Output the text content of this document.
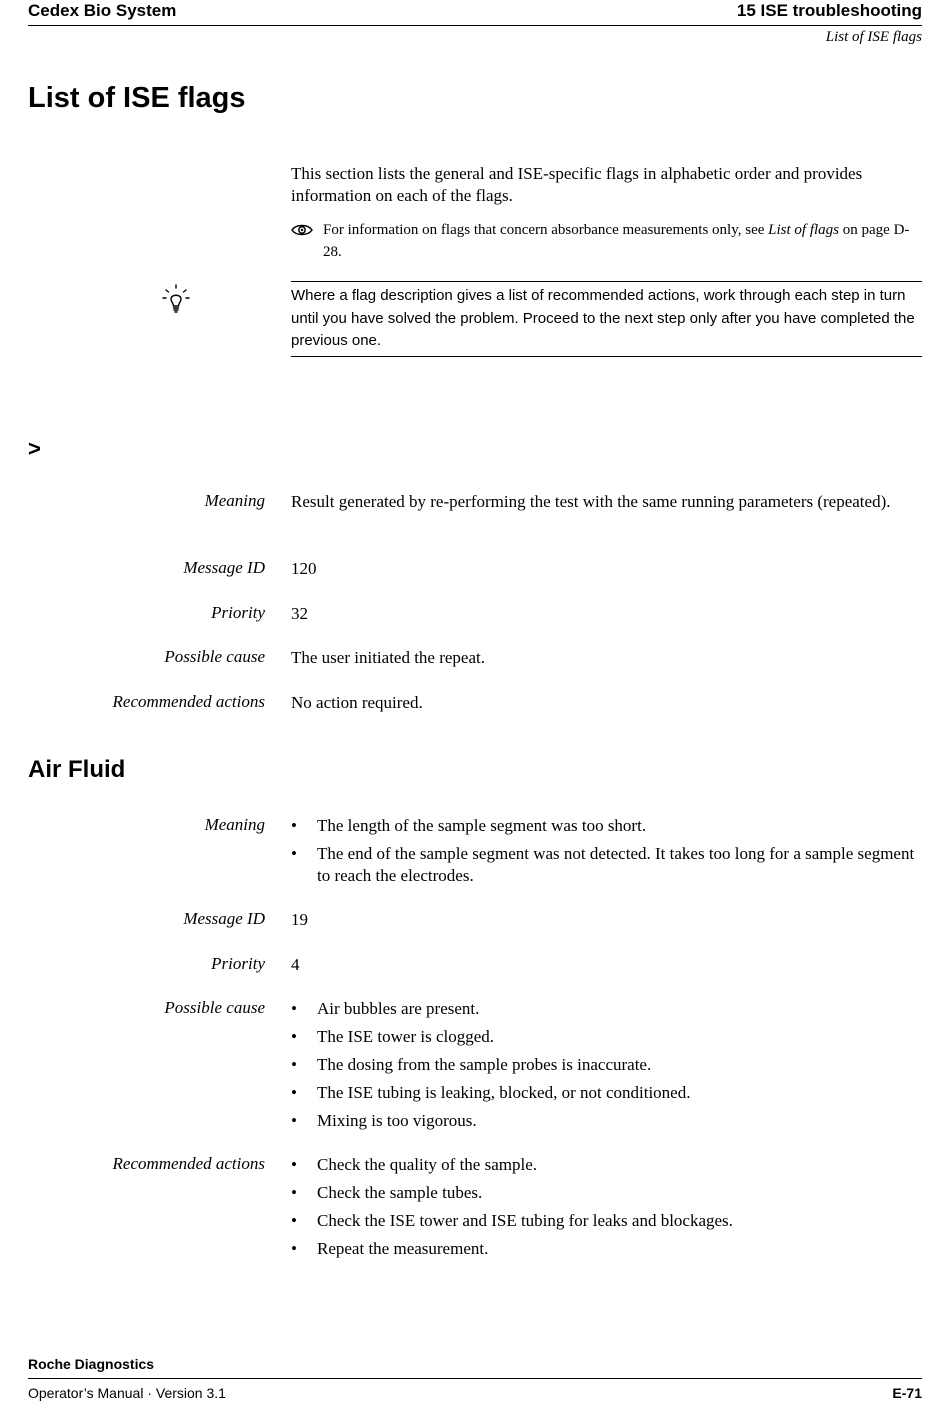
Cedex Bio System	15 ISE troubleshooting
List of ISE flags
List of ISE flags
This section lists the general and ISE-specific flags in alphabetic order and provides information on each of the flags.
For information on flags that concern absorbance measurements only, see List of flags on page D-28.
Where a flag description gives a list of recommended actions, work through each step in turn until you have solved the problem. Proceed to the next step only after you have completed the previous one.
>
Meaning Result generated by re-performing the test with the same running parameters (repeated).
Message ID 120
Priority 32
Possible cause The user initiated the repeat.
Recommended actions No action required.
Air Fluid
Meaning	• The length of the sample segment was too short.
• The end of the sample segment was not detected. It takes too long for a sample segment to reach the electrodes.
Message ID 19
Priority 4
Possible cause	• Air bubbles are present.
• The ISE tower is clogged.
• The dosing from the sample probes is inaccurate.
• The ISE tubing is leaking, blocked, or not conditioned.
• Mixing is too vigorous.
Recommended actions	• Check the quality of the sample.
• Check the sample tubes.
• Check the ISE tower and ISE tubing for leaks and blockages.
• Repeat the measurement.
Roche Diagnostics
Operator’s Manual · Version 3.1	E-71
